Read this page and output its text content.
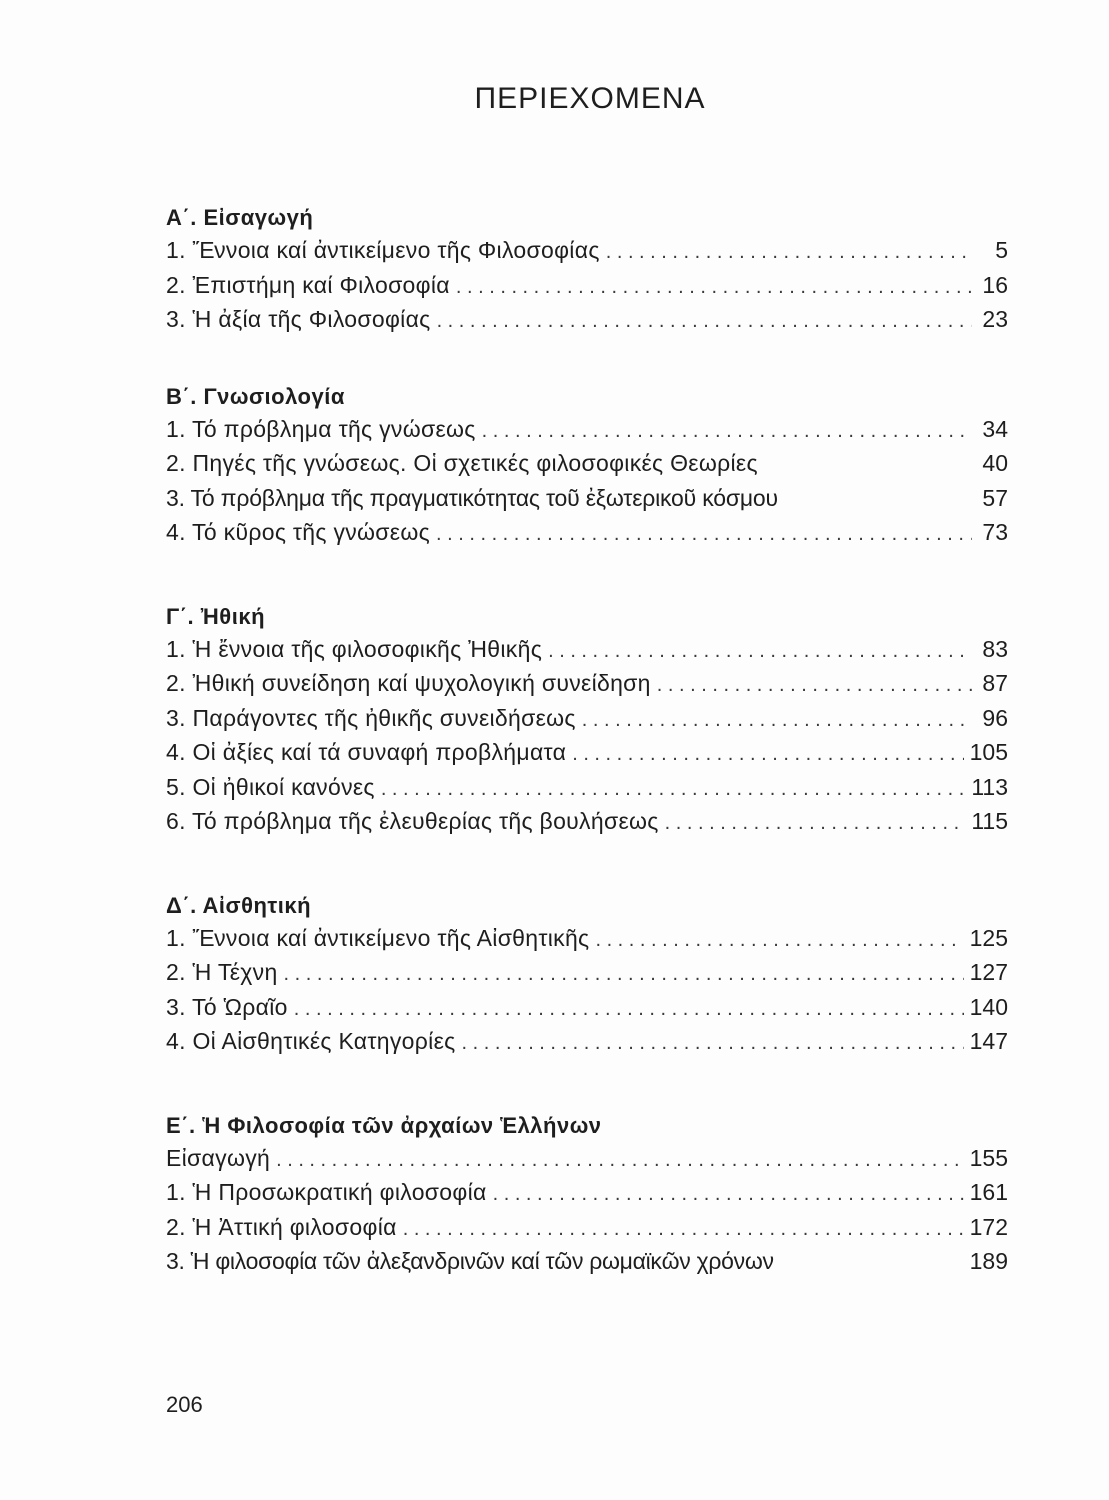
ΠΕΡΙΕΧΟΜΕΝΑ
Α΄. Εἰσαγωγή
1. Ἔννοια καί ἀντικείμενο τῆς Φιλοσοφίας . . .	5
2. Ἐπιστήμη καί Φιλοσοφία . . .	16
3. Ἡ ἀξία τῆς Φιλοσοφίας . . .	23
Β΄. Γνωσιολογία
1. Τό πρόβλημα τῆς γνώσεως . . .	34
2. Πηγές τῆς γνώσεως. Οἱ σχετικές φιλοσοφικές Θεωρίες	40
3. Τό πρόβλημα τῆς πραγματικότητας τοῦ ἐξωτερικοῦ κόσμου	57
4. Τό κῦρος τῆς γνώσεως . . .	73
Γ΄. Ἠθική
1. Ἡ ἔννοια τῆς φιλοσοφικῆς Ἠθικῆς . . .	83
2. Ἠθική συνείδηση καί ψυχολογική συνείδηση . . .	87
3. Παράγοντες τῆς ἠθικῆς συνειδήσεως . . .	96
4. Οἱ ἀξίες καί τά συναφή προβλήματα . . .	105
5. Οἱ ἠθικοί κανόνες . . .	113
6. Τό πρόβλημα τῆς ἐλευθερίας τῆς βουλήσεως . . .	115
Δ΄. Αἰσθητική
1. Ἔννοια καί ἀντικείμενο τῆς Αἰσθητικῆς . . .	125
2. Ἡ Τέχνη . . .	127
3. Τό Ὡραῖο . . .	140
4. Οἱ Αἰσθητικές Κατηγορίες . . .	147
Ε΄. Ἡ Φιλοσοφία τῶν ἀρχαίων Ἑλλήνων
Εἰσαγωγή . . .	155
1. Ἡ Προσωκρατική φιλοσοφία . . .	161
2. Ἡ Ἀττική φιλοσοφία . . .	172
3. Ἡ φιλοσοφία τῶν ἀλεξανδρινῶν καί τῶν ρωμαϊκῶν χρόνων	189
206
